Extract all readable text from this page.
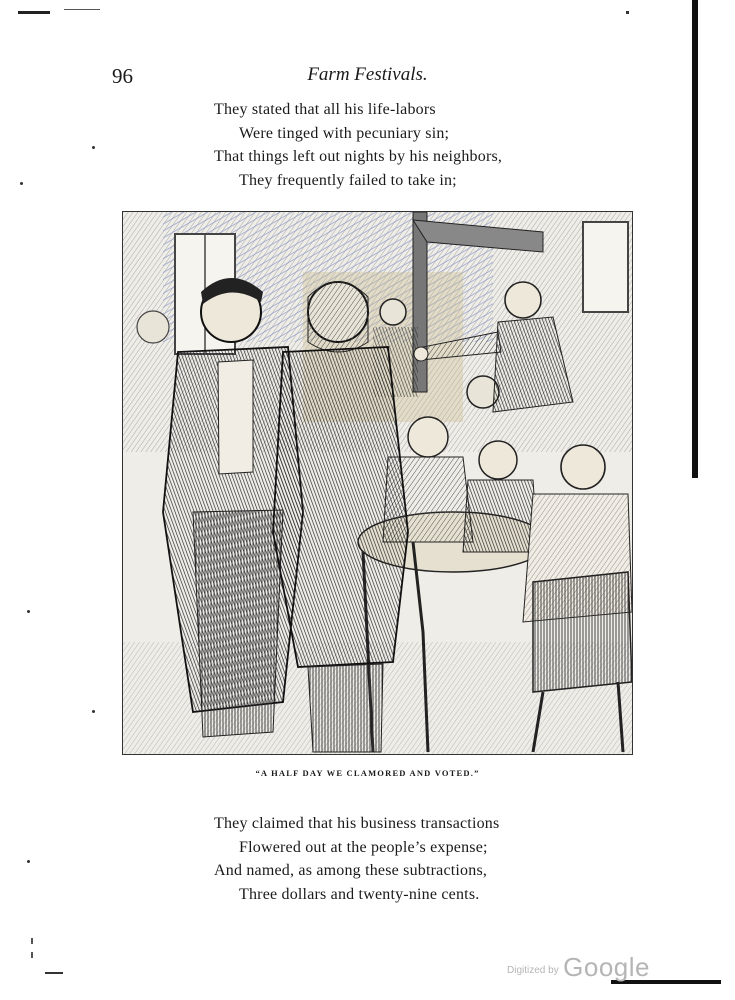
96	Farm Festivals.
They stated that all his life-labors
Were tinged with pecuniary sin;
That things left out nights by his neighbors,
They frequently failed to take in;
“A HALF DAY WE CLAMORED AND VOTED.”
They claimed that his business transactions
Flowered out at the people’s expense;
And named, as among these subtractions,
Three dollars and twenty-nine cents.
Digitized by Google
